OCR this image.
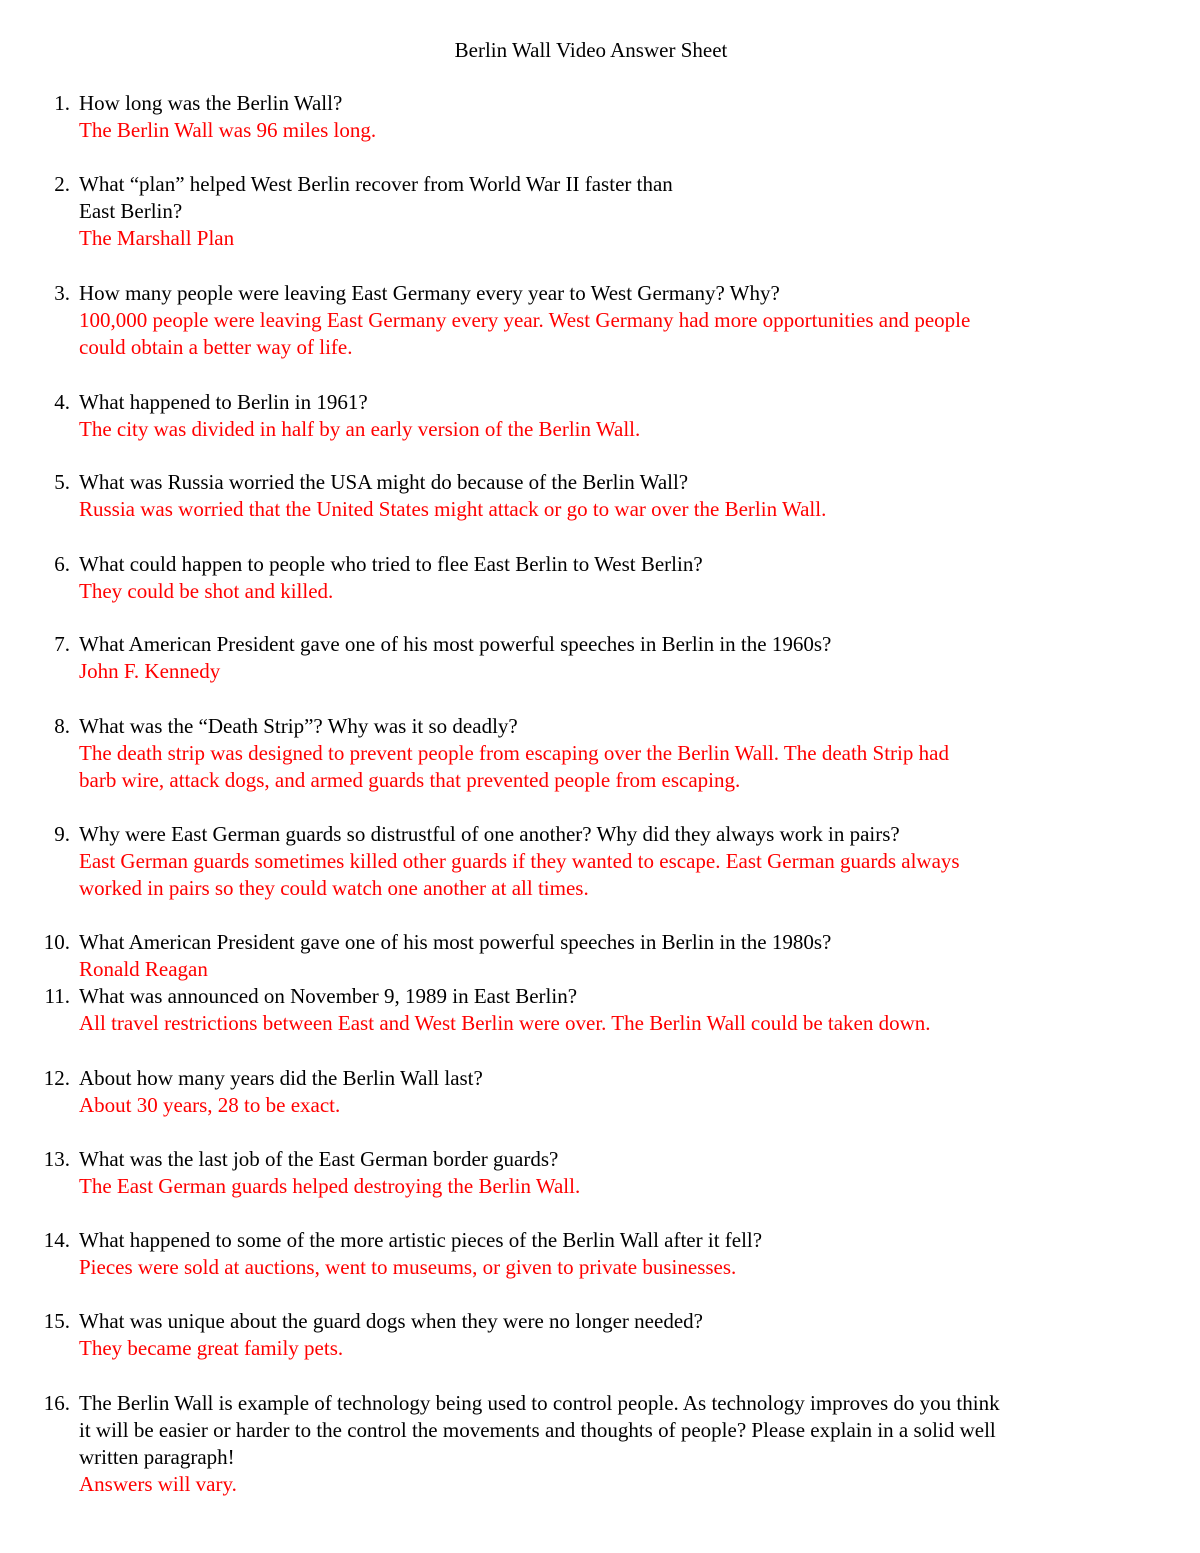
Berlin Wall Video Answer Sheet
1. How long was the Berlin Wall?
The Berlin Wall was 96 miles long.
2. What “plan” helped West Berlin recover from World War II faster than
East Berlin?
The Marshall Plan
3. How many people were leaving East Germany every year to West Germany? Why?
100,000 people were leaving East Germany every year. West Germany had more opportunities and people
could obtain a better way of life.
4. What happened to Berlin in 1961?
The city was divided in half by an early version of the Berlin Wall.
5. What was Russia worried the USA might do because of the Berlin Wall?
Russia was worried that the United States might attack or go to war over the Berlin Wall.
6. What could happen to people who tried to flee East Berlin to West Berlin?
They could be shot and killed.
7. What American President gave one of his most powerful speeches in Berlin in the 1960s?
John F. Kennedy
8. What was the “Death Strip”? Why was it so deadly?
The death strip was designed to prevent people from escaping over the Berlin Wall. The death Strip had
barb wire, attack dogs, and armed guards that prevented people from escaping.
9. Why were East German guards so distrustful of one another? Why did they always work in pairs?
East German guards sometimes killed other guards if they wanted to escape. East German guards always
worked in pairs so they could watch one another at all times.
10. What American President gave one of his most powerful speeches in Berlin in the 1980s?
Ronald Reagan
11. What was announced on November 9, 1989 in East Berlin?
All travel restrictions between East and West Berlin were over. The Berlin Wall could be taken down.
12. About how many years did the Berlin Wall last?
About 30 years, 28 to be exact.
13. What was the last job of the East German border guards?
The East German guards helped destroying the Berlin Wall.
14. What happened to some of the more artistic pieces of the Berlin Wall after it fell?
Pieces were sold at auctions, went to museums, or given to private businesses.
15. What was unique about the guard dogs when they were no longer needed?
They became great family pets.
16. The Berlin Wall is example of technology being used to control people. As technology improves do you think
it will be easier or harder to the control the movements and thoughts of people? Please explain in a solid well
written paragraph!
Answers will vary.
